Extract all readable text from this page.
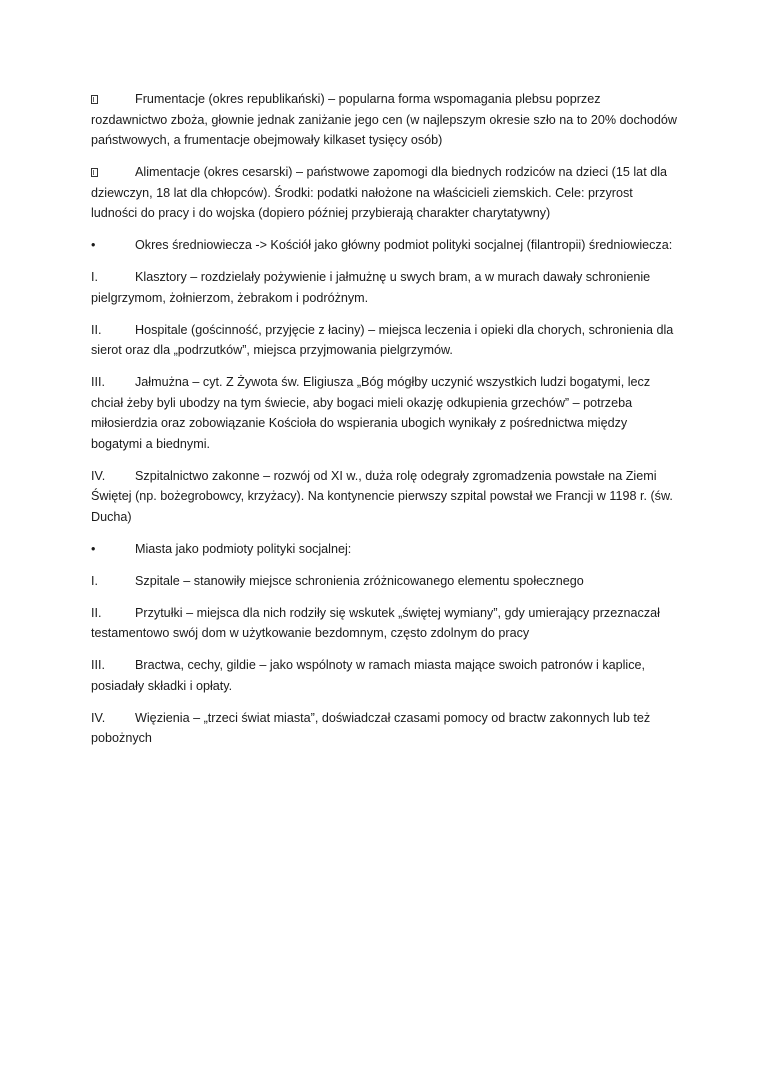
Frumentacje (okres republikański) – popularna forma wspomagania plebsu poprzez rozdawnictwo zboża, głownie jednak zaniżanie jego cen (w najlepszym okresie szło na to 20% dochodów państwowych, a frumentacje obejmowały kilkaset tysięcy osób)

Alimentacje (okres cesarski) – państwowe zapomogi dla biednych rodziców na dzieci (15 lat dla dziewczyn, 18 lat dla chłopców). Środki: podatki nałożone na właścicieli ziemskich. Cele: przyrost ludności do pracy i do wojska (dopiero później przybierają charakter charytatywny)

•	Okres średniowiecza -> Kościół jako główny podmiot polityki socjalnej (filantropii) średniowiecza:

I.	Klasztory – rozdzielały pożywienie i jałmużnę u swych bram, a w murach dawały schronienie pielgrzymom, żołnierzom, żebrakom i podróżnym.

II.	Hospitale (gościnność, przyjęcie z łaciny) – miejsca leczenia i opieki dla chorych, schronienia dla sierot oraz dla „podrzutków”, miejsca przyjmowania pielgrzymów.

III. Jałmużna – cyt. Z Żywota św. Eligiusza „Bóg mógłby uczynić wszystkich ludzi bogatymi, lecz chciał żeby byli ubodzy na tym świecie, aby bogaci mieli okazję odkupienia grzechów” – potrzeba miłosierdzia oraz zobowiązanie Kościoła do wspierania ubogich wynikały z pośrednictwa między bogatymi a biednymi.

IV. Szpitalnictwo zakonne – rozwój od XI w., duża rolę odegrały zgromadzenia powstałe na Ziemi Świętej (np. bożegrobowcy, krzyżacy). Na kontynencie pierwszy szpital powstał we Francji w 1198 r. (św. Ducha)

•	Miasta jako podmioty polityki socjalnej:

I.	Szpitale – stanowiły miejsce schronienia zróżnicowanego elementu społecznego

II.	Przytułki – miejsca dla nich rodziły się wskutek „świętej wymiany”, gdy umierający przeznaczał testamentowo swój dom w użytkowanie bezdomnym, często zdolnym do pracy

III. Bractwa, cechy, gildie – jako wspólnoty w ramach miasta mające swoich patronów i kaplice, posiadały składki i opłaty.

IV. Więzienia – „trzeci świat miasta”, doświadczał czasami pomocy od bractw zakonnych lub też pobożnych
